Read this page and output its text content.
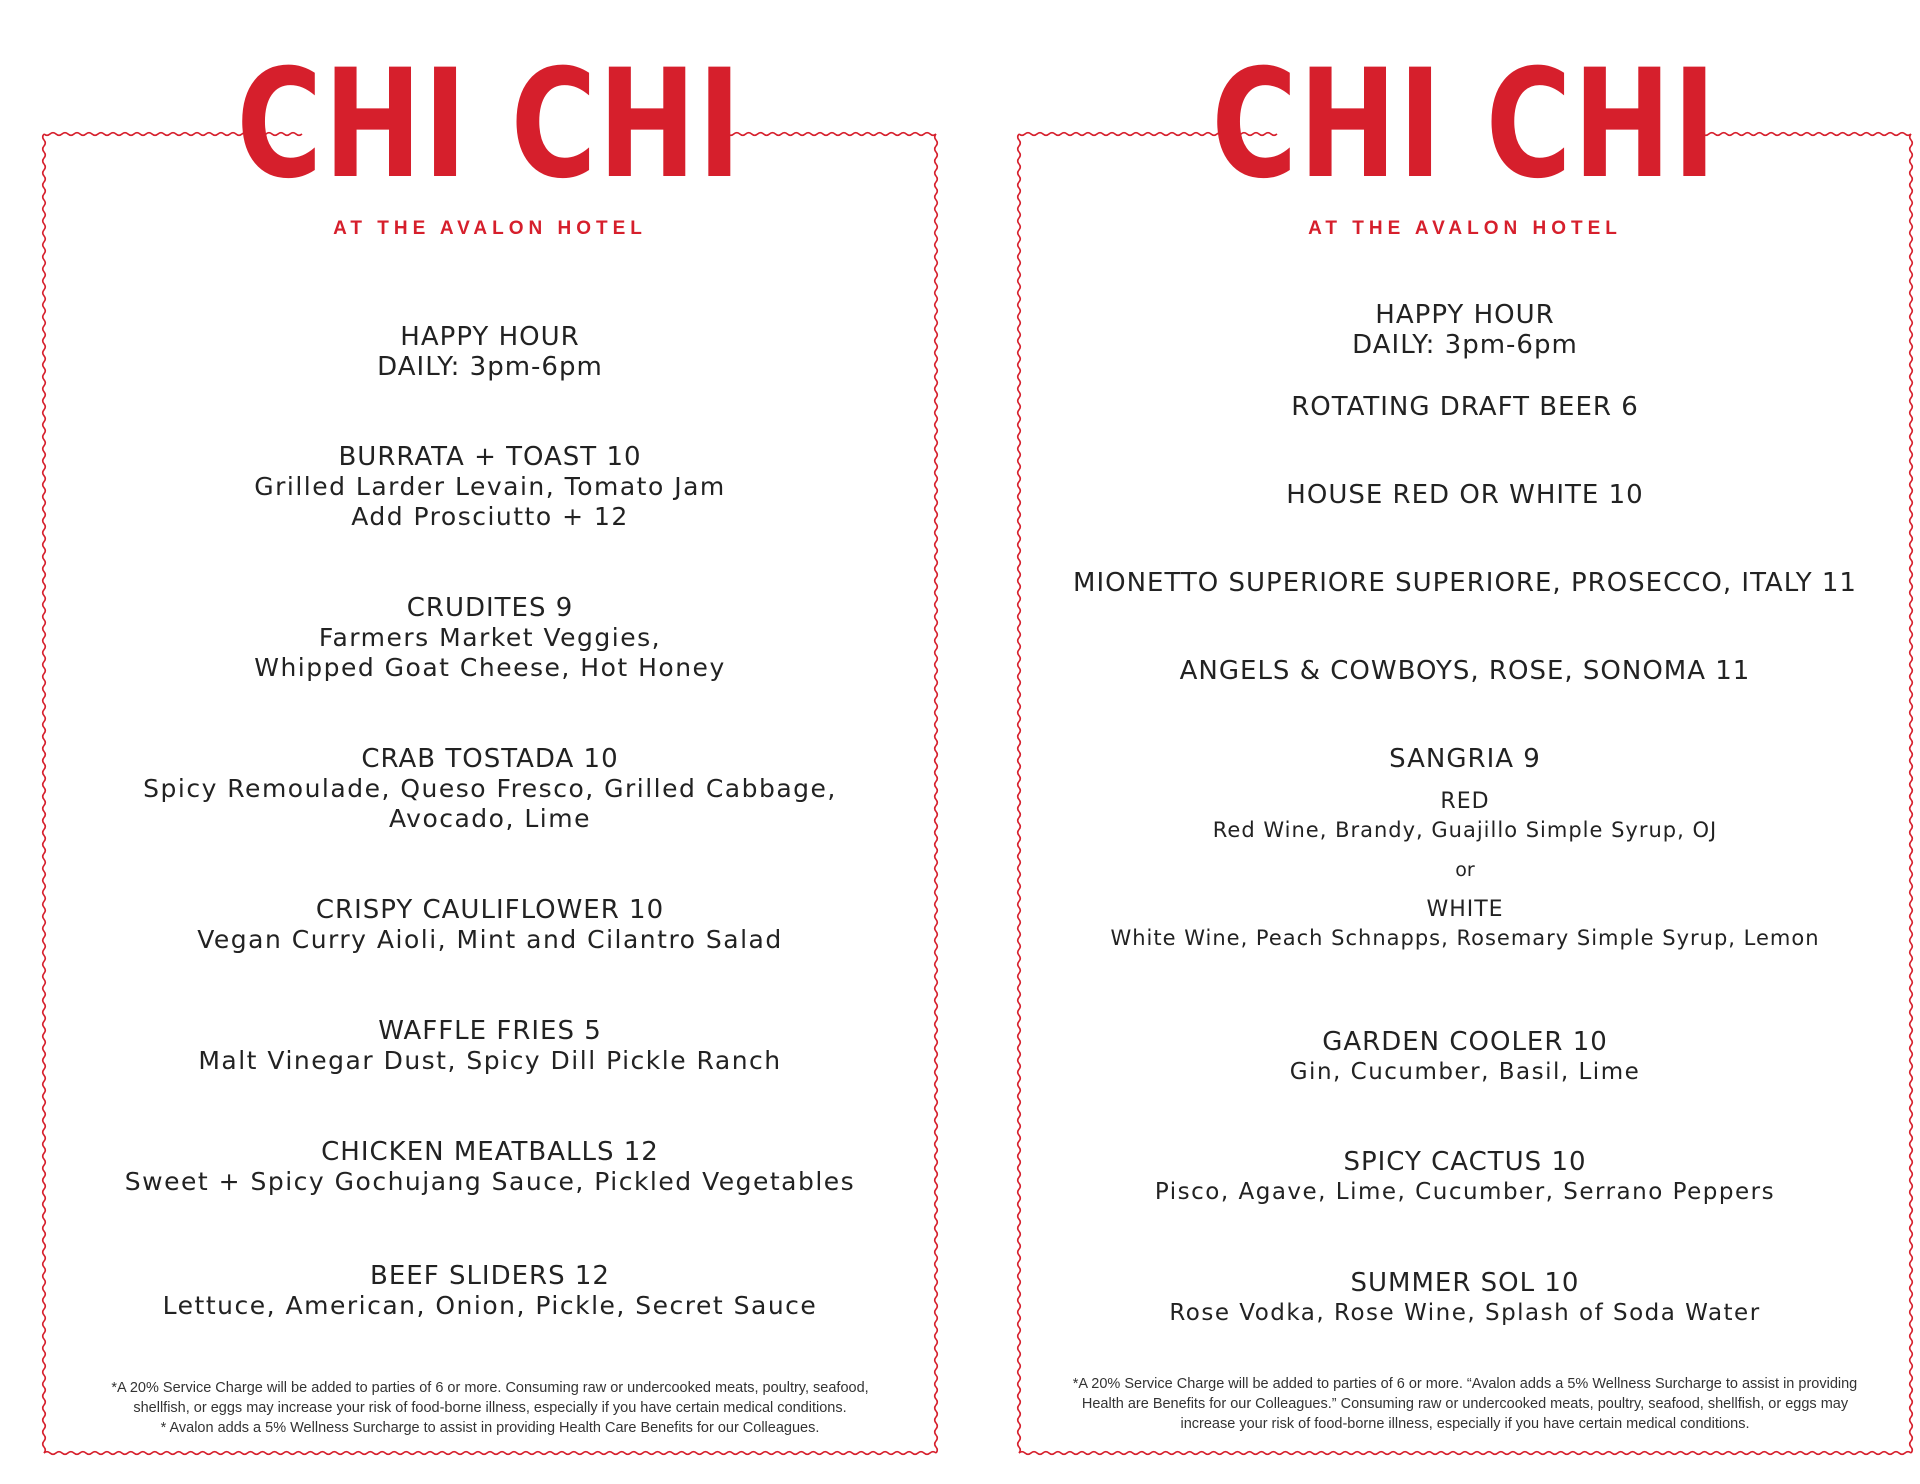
CHI CHI
AT THE AVALON HOTEL
HAPPY HOUR
DAILY: 3pm-6pm
BURRATA + TOAST 10
Grilled Larder Levain, Tomato Jam
Add Prosciutto + 12
CRUDITES 9
Farmers Market Veggies,
Whipped Goat Cheese, Hot Honey
CRAB TOSTADA 10
Spicy Remoulade, Queso Fresco, Grilled Cabbage,
Avocado, Lime
CRISPY CAULIFLOWER 10
Vegan Curry Aioli, Mint and Cilantro Salad
WAFFLE FRIES 5
Malt Vinegar Dust, Spicy Dill Pickle Ranch
CHICKEN MEATBALLS 12
Sweet + Spicy Gochujang Sauce, Pickled Vegetables
BEEF SLIDERS 12
Lettuce, American, Onion, Pickle, Secret Sauce
*A 20% Service Charge will be added to parties of 6 or more. Consuming raw or undercooked meats, poultry, seafood,
shellfish, or eggs may increase your risk of food-borne illness, especially if you have certain medical conditions.
* Avalon adds a 5% Wellness Surcharge to assist in providing Health Care Benefits for our Colleagues.
CHI CHI
AT THE AVALON HOTEL
HAPPY HOUR
DAILY: 3pm-6pm
ROTATING DRAFT BEER 6
HOUSE RED OR WHITE 10
MIONETTO SUPERIORE SUPERIORE, PROSECCO, ITALY 11
ANGELS & COWBOYS, ROSE, SONOMA 11
SANGRIA 9
RED
Red Wine, Brandy, Guajillo Simple Syrup, OJ
or
WHITE
White Wine, Peach Schnapps, Rosemary Simple Syrup, Lemon
GARDEN COOLER 10
Gin, Cucumber, Basil, Lime
SPICY CACTUS 10
Pisco, Agave, Lime, Cucumber, Serrano Peppers
SUMMER SOL 10
Rose Vodka, Rose Wine, Splash of Soda Water
*A 20% Service Charge will be added to parties of 6 or more. “Avalon adds a 5% Wellness Surcharge to assist in providing
Health are Benefits for our Colleagues.” Consuming raw or undercooked meats, poultry, seafood, shellfish, or eggs may
increase your risk of food-borne illness, especially if you have certain medical conditions.
